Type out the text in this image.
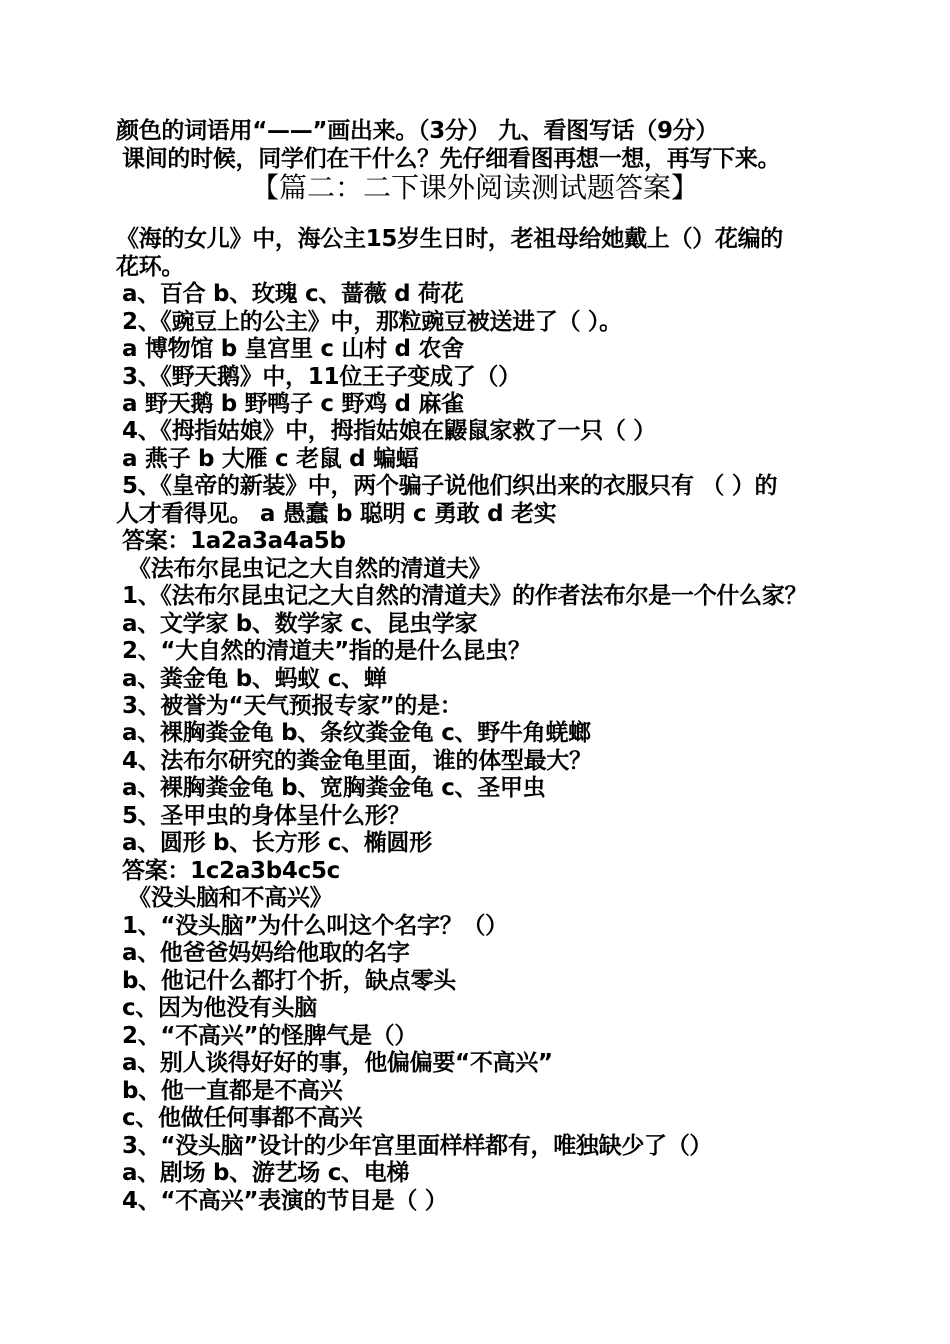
颜色的词语用“——”画出来。（3分） 九、看图写话（9分）
课间的时候，同学们在干什么？先仔细看图再想一想，再写下来。
【篇二：二下课外阅读测试题答案】
《海的女儿》中，海公主15岁生日时，老祖母给她戴上（）花编的
花环。
a、百合 b、玫瑰 c、蔷薇 d 荷花
2、《豌豆上的公主》中，那粒豌豆被送进了（ ）。
a 博物馆 b 皇宫里 c 山村 d 农舍
3、《野天鹅》中，11位王子变成了（）
a 野天鹅 b 野鸭子 c 野鸡 d 麻雀
4、《拇指姑娘》中，拇指姑娘在鼹鼠家救了一只（ ）
a 燕子 b 大雁 c 老鼠 d 蝙蝠
5、《皇帝的新装》中，两个骗子说他们织出来的衣服只有 （ ）的
人才看得见。 a 愚蠢 b 聪明 c 勇敢 d 老实
答案：1a2a3a4a5b
《法布尔昆虫记之大自然的清道夫》
1、《法布尔昆虫记之大自然的清道夫》的作者法布尔是一个什么家？
a、文学家 b、数学家 c、昆虫学家
2、“大自然的清道夫”指的是什么昆虫？
a、粪金龟 b、蚂蚁 c、蝉
3、被誉为“天气预报专家”的是：
a、裸胸粪金龟 b、条纹粪金龟 c、野牛角蜣螂
4、法布尔研究的粪金龟里面，谁的体型最大？
a、裸胸粪金龟 b、宽胸粪金龟 c、圣甲虫
5、圣甲虫的身体呈什么形？
a、圆形 b、长方形 c、椭圆形
答案：1c2a3b4c5c
《没头脑和不高兴》
1、“没头脑”为什么叫这个名字？（）
a、他爸爸妈妈给他取的名字
b、他记什么都打个折，缺点零头
c、因为他没有头脑
2、“不高兴”的怪脾气是（）
a、别人谈得好好的事，他偏偏要“不高兴”
b、他一直都是不高兴
c、他做任何事都不高兴
3、“没头脑”设计的少年宫里面样样都有，唯独缺少了（）
a、剧场 b、游艺场 c、电梯
4、“不高兴”表演的节目是（ ）
